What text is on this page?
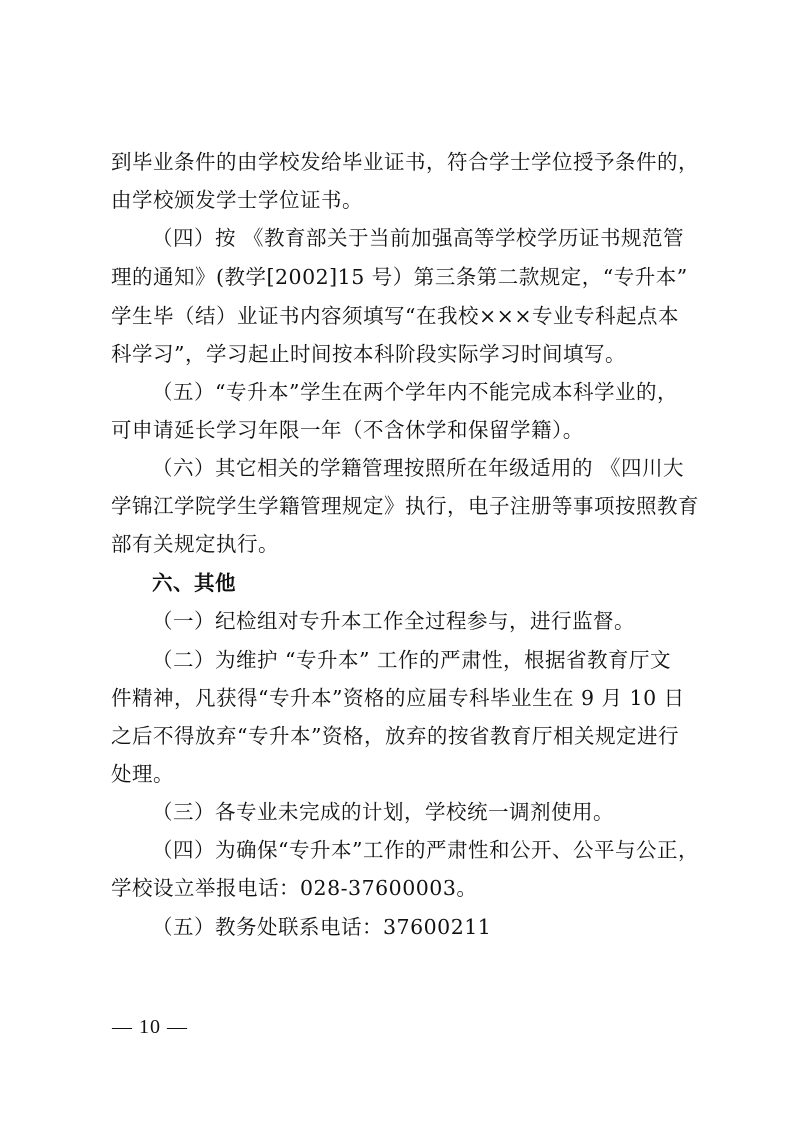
到毕业条件的由学校发给毕业证书，符合学士学位授予条件的，
由学校颁发学士学位证书。
（四）按 《教育部关于当前加强高等学校学历证书规范管
理的通知》(教学[2002]15 号）第三条第二款规定，“专升本”
学生毕（结）业证书内容须填写“在我校×××专业专科起点本
科学习”，学习起止时间按本科阶段实际学习时间填写。
（五）“专升本”学生在两个学年内不能完成本科学业的，
可申请延长学习年限一年（不含休学和保留学籍）。
（六）其它相关的学籍管理按照所在年级适用的 《四川大
学锦江学院学生学籍管理规定》执行，电子注册等事项按照教育
部有关规定执行。
六、其他
（一）纪检组对专升本工作全过程参与，进行监督。
（二）为维护 “专升本” 工作的严肃性，根据省教育厅文
件精神，凡获得“专升本”资格的应届专科毕业生在 9 月 10 日
之后不得放弃“专升本”资格，放弃的按省教育厅相关规定进行
处理。
（三）各专业未完成的计划，学校统一调剂使用。
（四）为确保“专升本”工作的严肃性和公开、公平与公正，
学校设立举报电话：028-37600003。
（五）教务处联系电话：37600211
— 10 —
